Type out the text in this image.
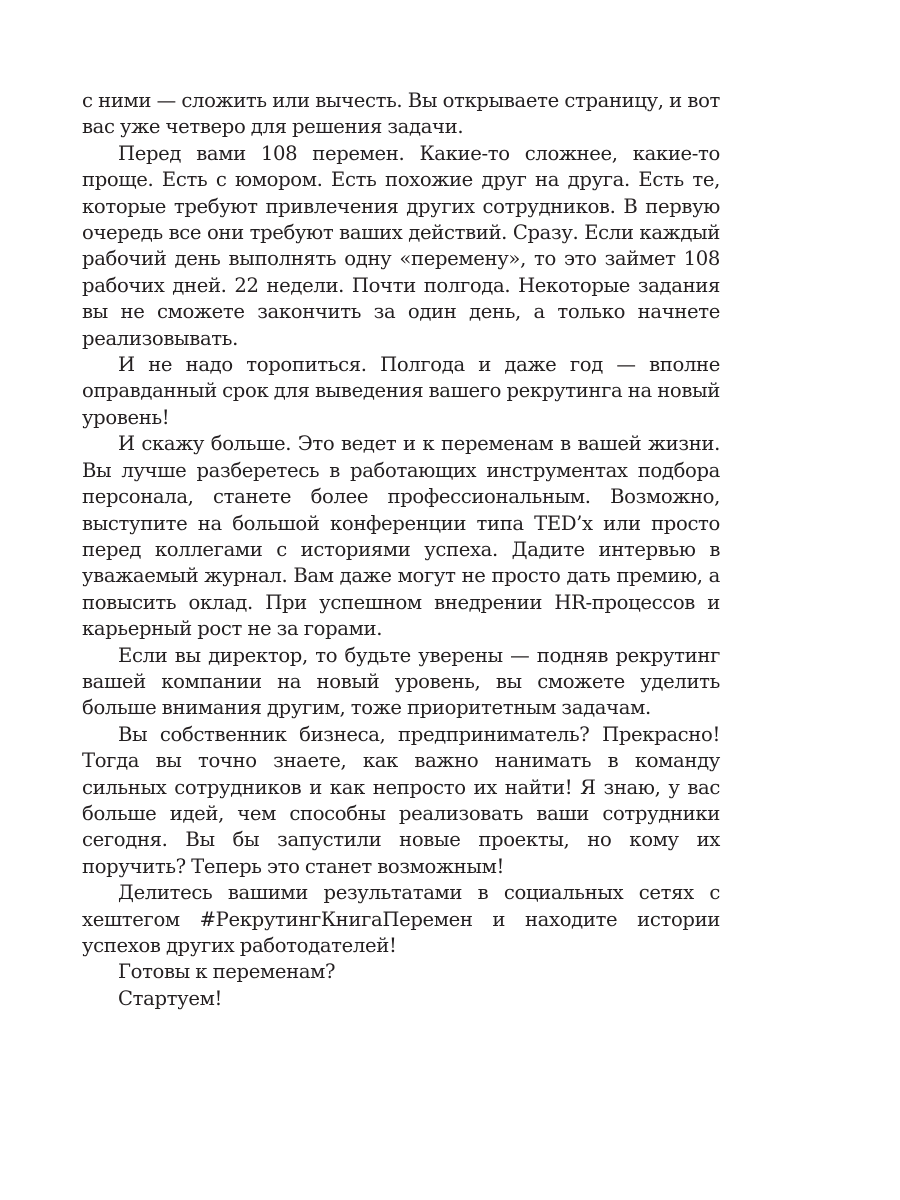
с ними — сложить или вычесть. Вы открываете страницу, и вот вас уже четверо для решения задачи.

Перед вами 108 перемен. Какие-то сложнее, какие-то проще. Есть с юмором. Есть похожие друг на друга. Есть те, которые требуют привлечения других сотрудников. В первую очередь все они требуют ваших действий. Сразу. Если каждый рабочий день выполнять одну «перемену», то это займет 108 рабочих дней. 22 недели. Почти полгода. Некоторые задания вы не сможете закончить за один день, а только начнете реализовывать.

И не надо торопиться. Полгода и даже год — вполне оправданный срок для выведения вашего рекрутинга на новый уровень!

И скажу больше. Это ведет и к переменам в вашей жизни. Вы лучше разберетесь в работающих инструментах подбора персонала, станете более профессиональным. Возможно, выступите на большой конференции типа TED’x или просто перед коллегами с историями успеха. Дадите интервью в уважаемый журнал. Вам даже могут не просто дать премию, а повысить оклад. При успешном внедрении HR-процессов и карьерный рост не за горами.

Если вы директор, то будьте уверены — подняв рекрутинг вашей компании на новый уровень, вы сможете уделить больше внимания другим, тоже приоритетным задачам.

Вы собственник бизнеса, предприниматель? Прекрасно! Тогда вы точно знаете, как важно нанимать в команду сильных сотрудников и как непросто их найти! Я знаю, у вас больше идей, чем способны реализовать ваши сотрудники сегодня. Вы бы запустили новые проекты, но кому их поручить? Теперь это станет возможным!

Делитесь вашими результатами в социальных сетях с хештегом #РекрутингКнигаПеремен и находите истории успехов других работодателей!

Готовы к переменам?

Стартуем!
